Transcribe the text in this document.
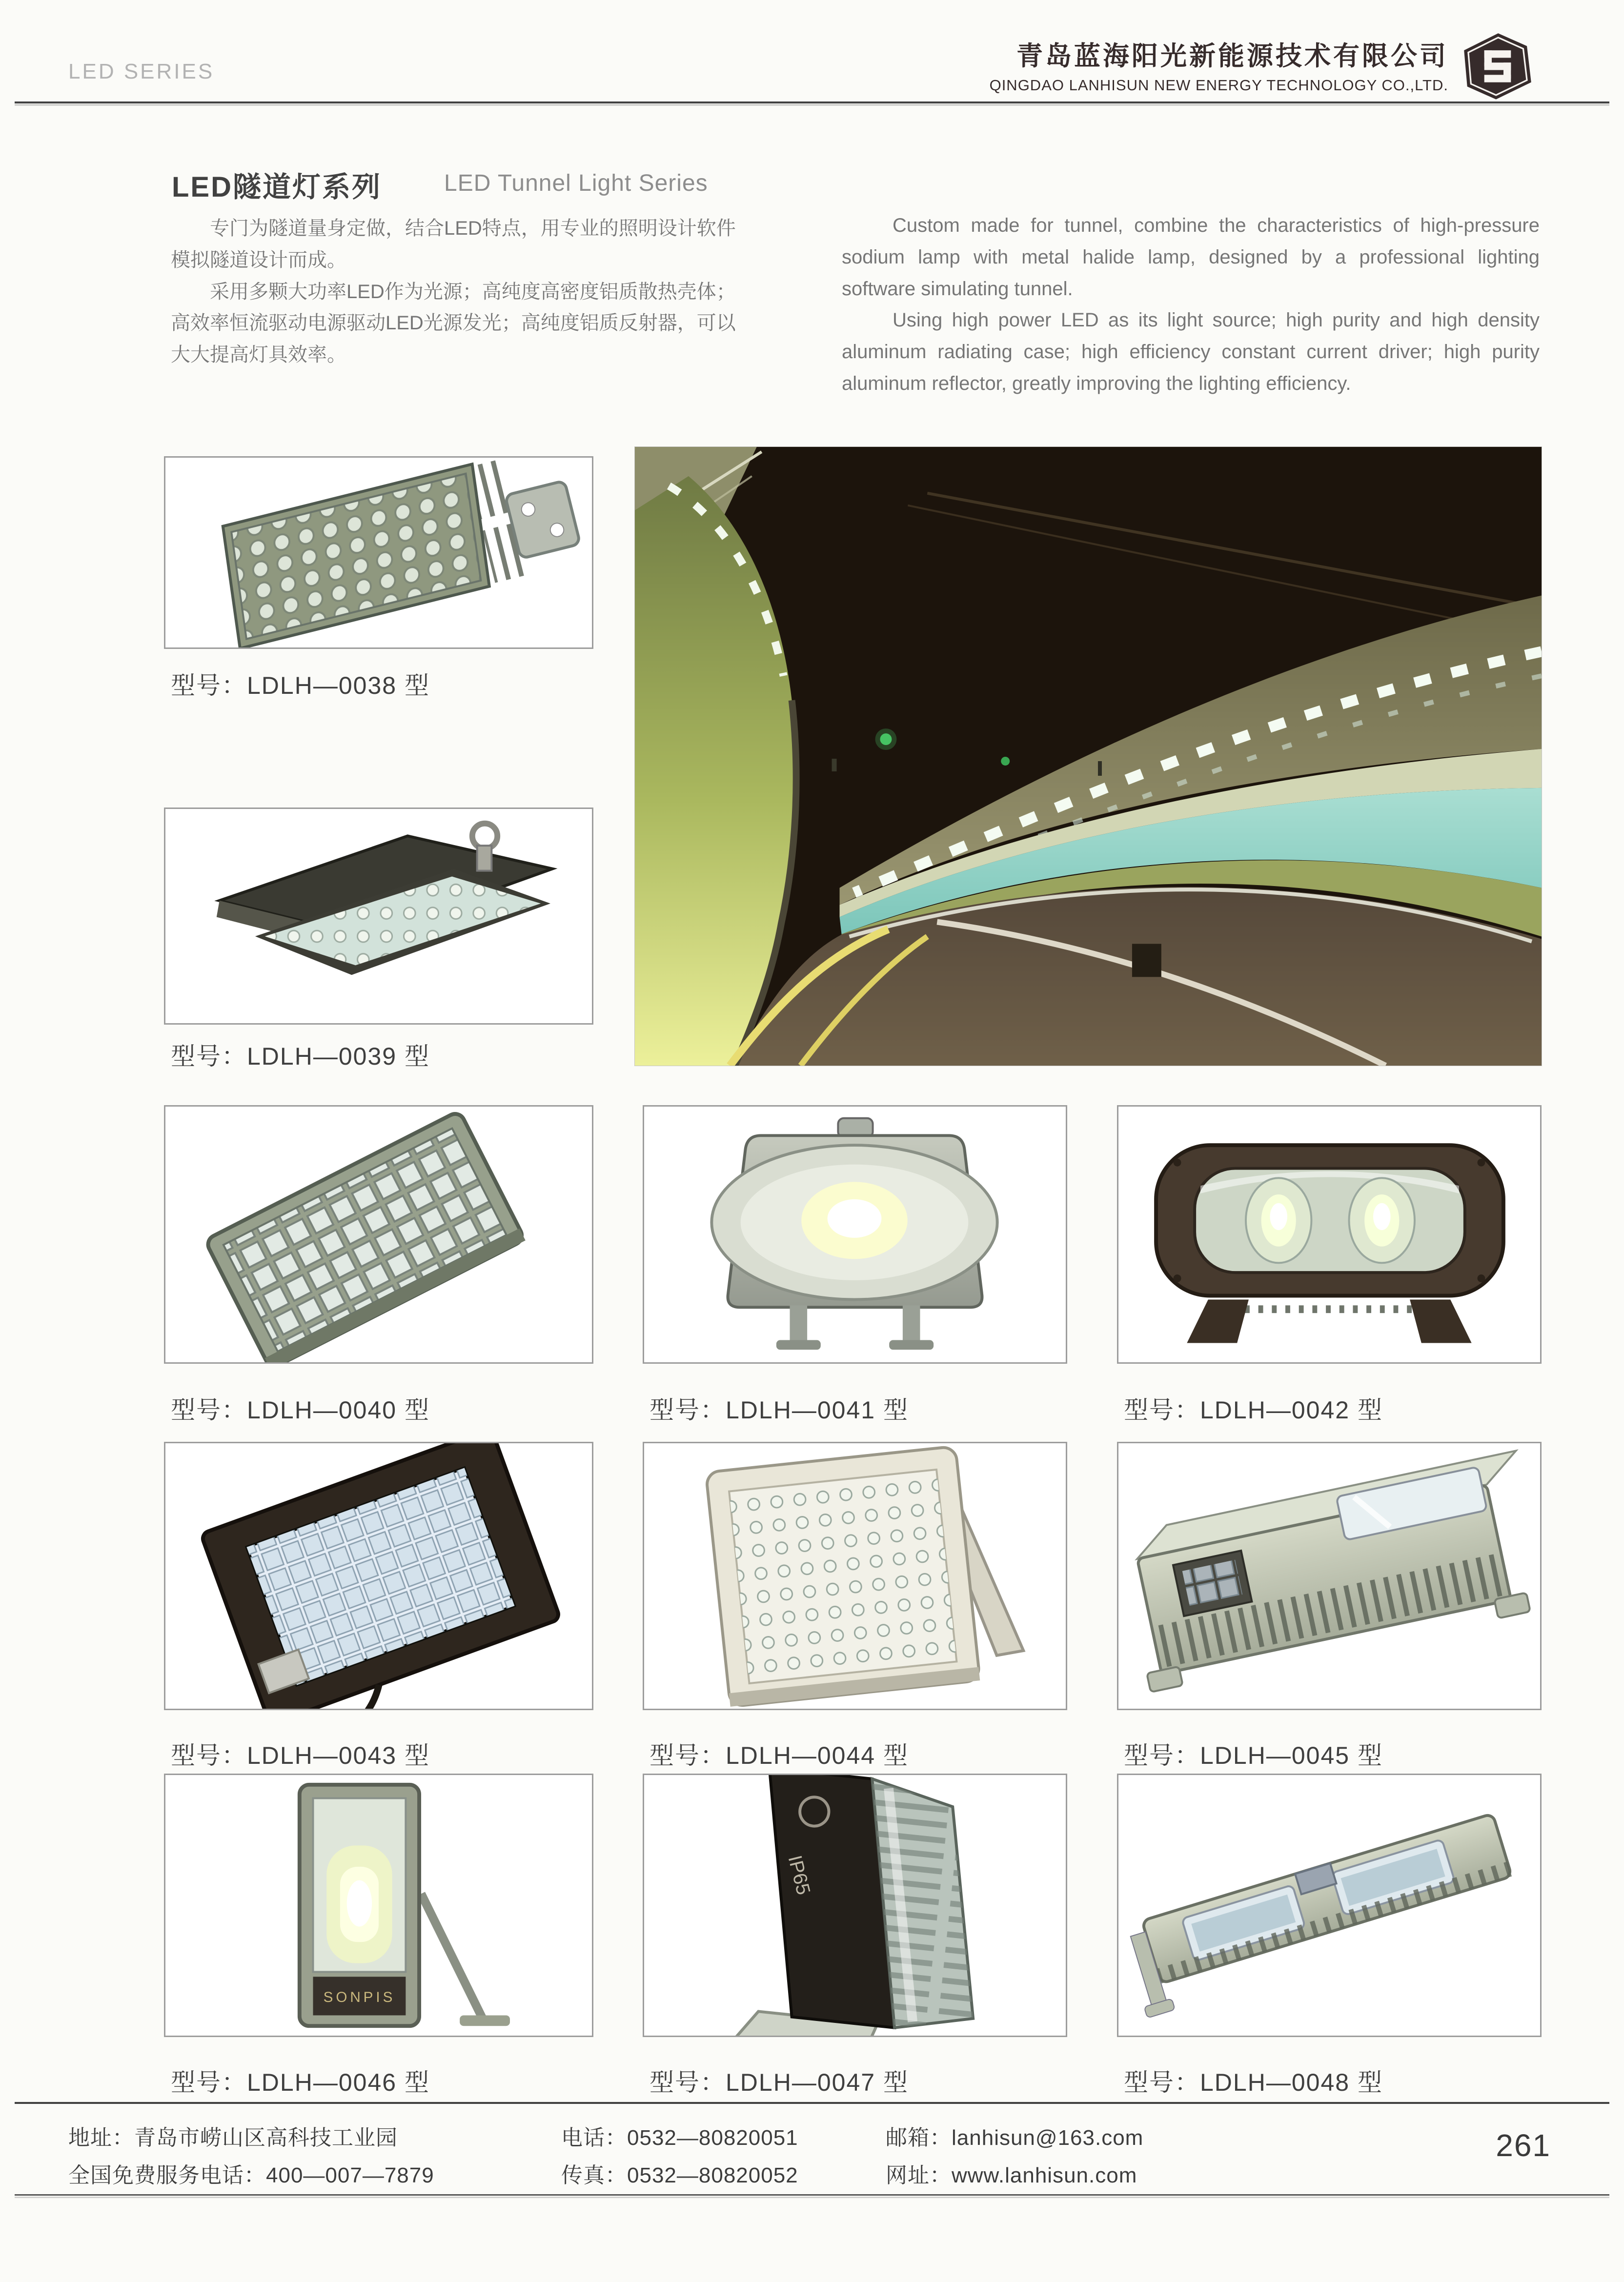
LED SERIES
青岛蓝海阳光新能源技术有限公司
QINGDAO LANHISUN NEW ENERGY TECHNOLOGY CO.,LTD.
LED隧道灯系列	LED Tunnel Light Series

专门为隧道量身定做，结合LED特点，用专业的照明设计软件模拟隧道设计而成。

采用多颗大功率LED作为光源；高纯度高密度铝质散热壳体；高效率恒流驱动电源驱动LED光源发光；高纯度铝质反射器，可以大大提高灯具效率。

Custom made for tunnel, combine the characteristics of high-pressure sodium lamp with metal halide lamp, designed by a professional lighting software simulating tunnel.

Using high power LED as its light source; high purity and high density aluminum radiating case; high efficiency constant current driver; high purity aluminum reflector, greatly improving the lighting efficiency.

型号：LDLH—0038 型
型号：LDLH—0039 型
型号：LDLH—0040 型	型号：LDLH—0041 型	型号：LDLH—0042 型
型号：LDLH—0043 型	型号：LDLH—0044 型	型号：LDLH—0045 型
SONPIS
型号：LDLH—0046 型
IP65
型号：LDLH—0047 型	型号：LDLH—0048 型
地址：青岛市崂山区高科技工业园
全国免费服务电话：400—007—7879
电话：0532—80820051
传真：0532—80820052
邮箱：lanhisun@163.com
网址：www.lanhisun.com
261
